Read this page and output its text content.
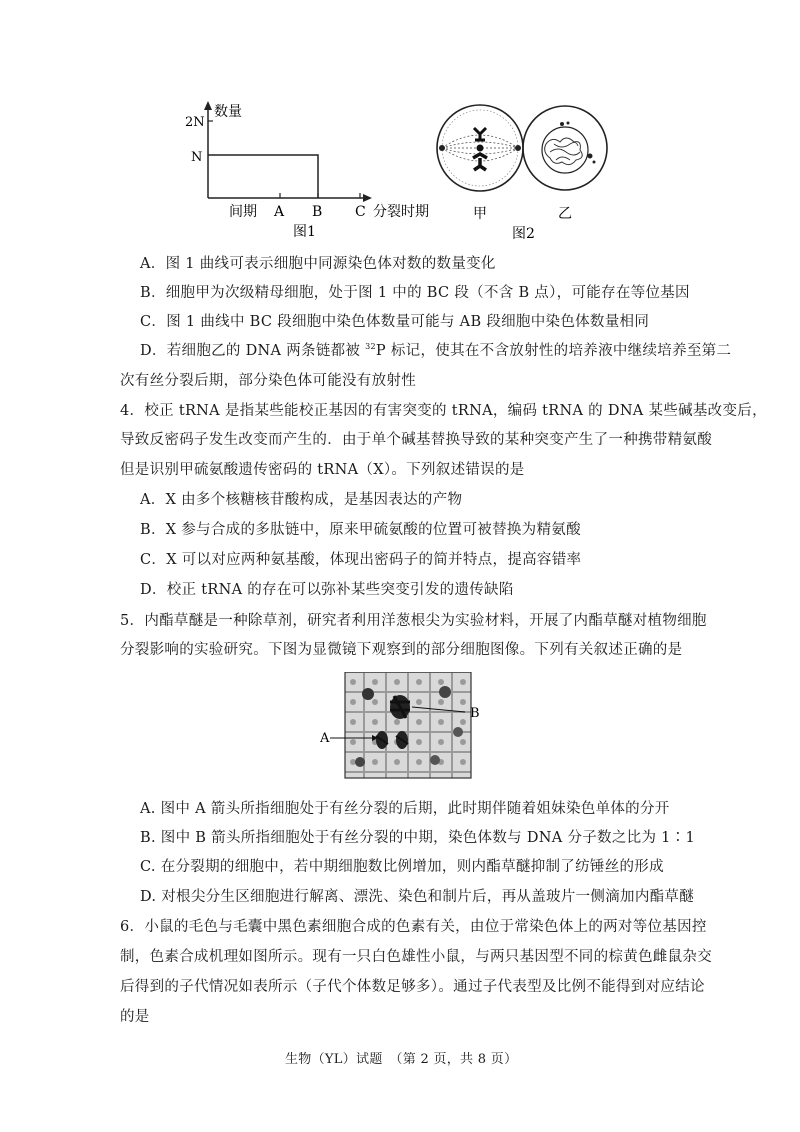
数量
2N
N
间期 A B C 分裂时期
图1
甲	乙
图2
A．图 1 曲线可表示细胞中同源染色体对数的数量变化
B．细胞甲为次级精母细胞，处于图 1 中的 BC 段（不含 B 点），可能存在等位基因
C．图 1 曲线中 BC 段细胞中染色体数量可能与 AB 段细胞中染色体数量相同
D．若细胞乙的 DNA 两条链都被 $^{32}$P 标记，使其在不含放射性的培养液中继续培养至第二
次有丝分裂后期，部分染色体可能没有放射性
4．校正 tRNA 是指某些能校正基因的有害突变的 tRNA，编码 tRNA 的 DNA 某些碱基改变后，
导致反密码子发生改变而产生的．由于单个碱基替换导致的某种突变产生了一种携带精氨酸
但是识别甲硫氨酸遗传密码的 tRNA（X）。下列叙述错误的是
A．X 由多个核糖核苷酸构成，是基因表达的产物
B．X 参与合成的多肽链中，原来甲硫氨酸的位置可被替换为精氨酸
C．X 可以对应两种氨基酸，体现出密码子的简并特点，提高容错率
D．校正 tRNA 的存在可以弥补某些突变引发的遗传缺陷
5．内酯草醚是一种除草剂，研究者利用洋葱根尖为实验材料，开展了内酯草醚对植物细胞
分裂影响的实验研究。下图为显微镜下观察到的部分细胞图像。下列有关叙述正确的是
B
A
A. 图中 A 箭头所指细胞处于有丝分裂的后期，此时期伴随着姐妹染色单体的分开
B. 图中 B 箭头所指细胞处于有丝分裂的中期，染色体数与 DNA 分子数之比为 1∶1
C. 在分裂期的细胞中，若中期细胞数比例增加，则内酯草醚抑制了纺锤丝的形成
D. 对根尖分生区细胞进行解离、漂洗、染色和制片后，再从盖玻片一侧滴加内酯草醚
6．小鼠的毛色与毛囊中黑色素细胞合成的色素有关，由位于常染色体上的两对等位基因控
制，色素合成机理如图所示。现有一只白色雄性小鼠，与两只基因型不同的棕黄色雌鼠杂交
后得到的子代情况如表所示（子代个体数足够多）。通过子代表型及比例不能得到对应结论
的是
生物（YL）试题　（第 2 页，共 8 页）
